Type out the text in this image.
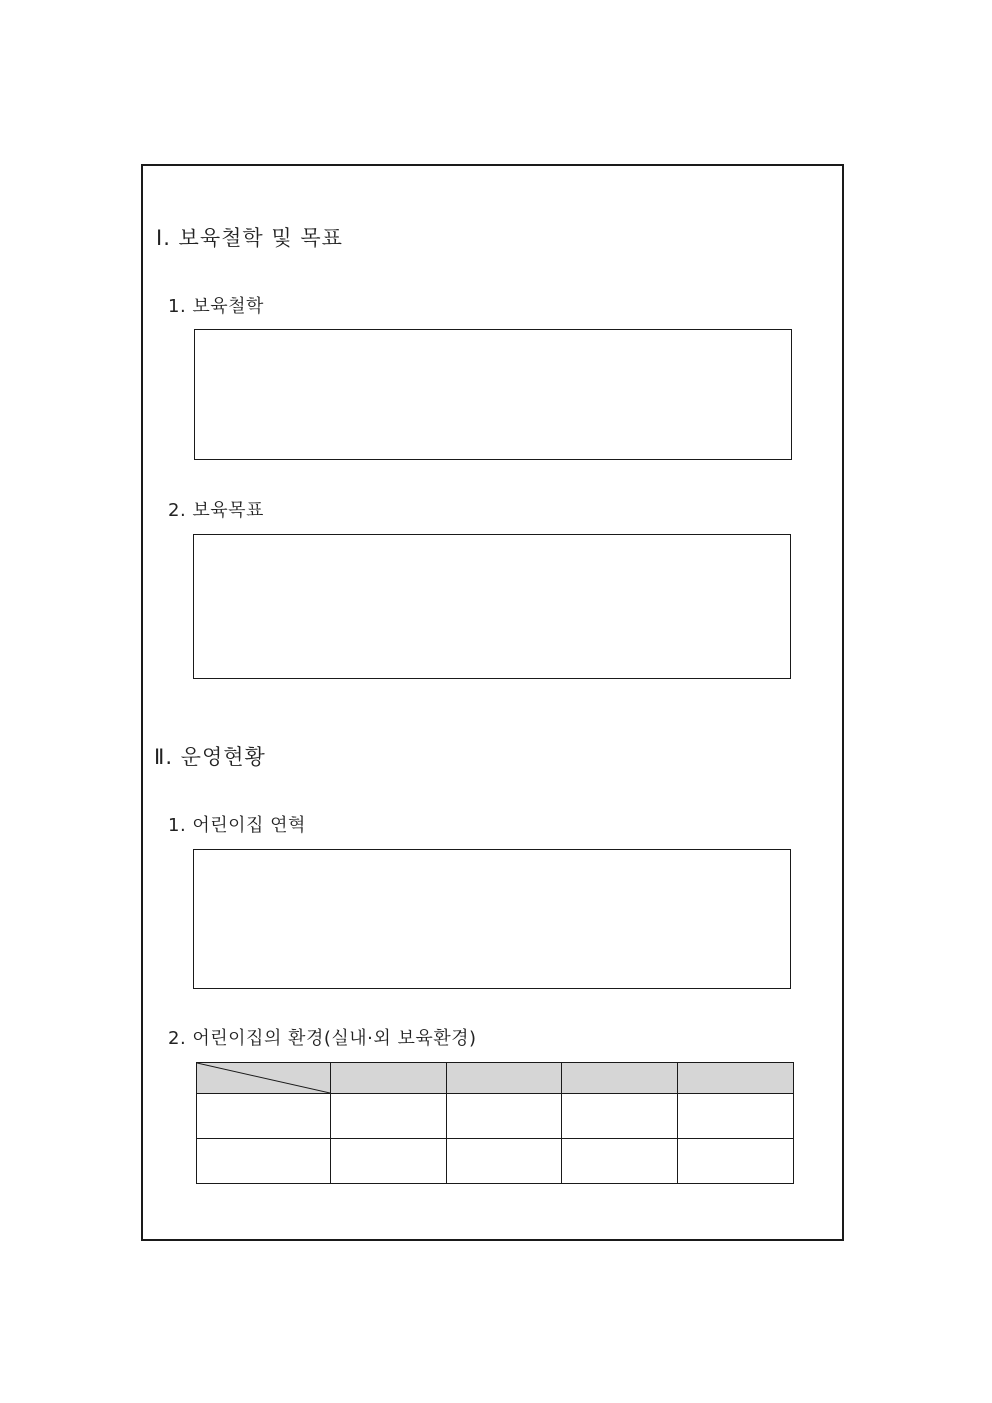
Ⅰ. 보육철학 및 목표
1. 보육철학
2. 보육목표
Ⅱ. 운영현황
1. 어린이집 연혁
2. 어린이집의 환경(실내·외 보육환경)
